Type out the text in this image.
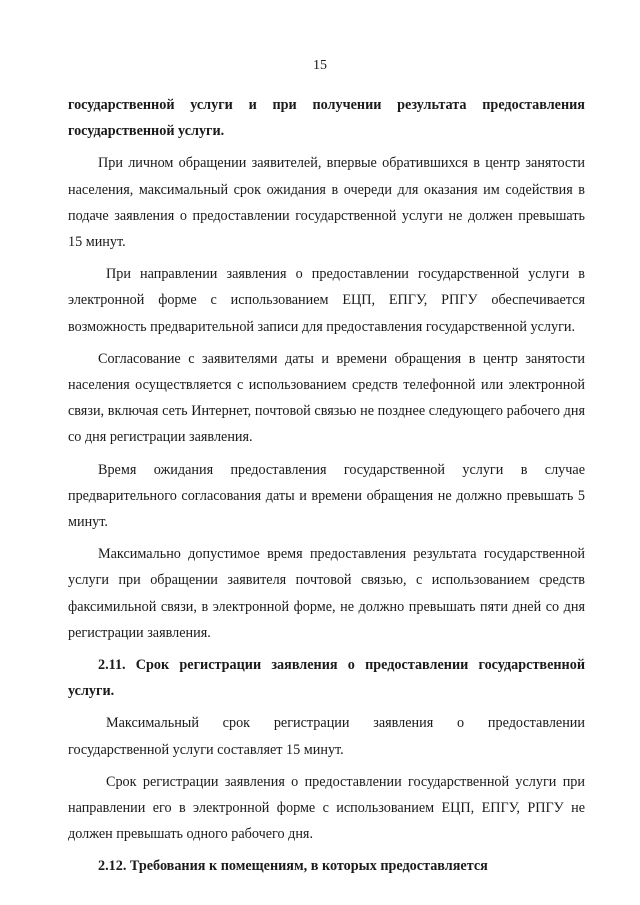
15

государственной услуги и при получении результата предоставления государственной услуги.

При личном обращении заявителей, впервые обратившихся в центр занятости населения, максимальный срок ожидания в очереди для оказания им содействия в подаче заявления о предоставлении государственной услуги не должен превышать 15 минут.

При направлении заявления о предоставлении государственной услуги в электронной форме с использованием ЕЦП, ЕПГУ, РПГУ обеспечивается возможность предварительной записи для предоставления государственной услуги.

Согласование с заявителями даты и времени обращения в центр занятости населения осуществляется с использованием средств телефонной или электронной связи, включая сеть Интернет, почтовой связью не позднее следующего рабочего дня со дня регистрации заявления.

Время ожидания предоставления государственной услуги в случае предварительного согласования даты и времени обращения не должно превышать 5 минут.

Максимально допустимое время предоставления результата государственной услуги при обращении заявителя почтовой связью, с использованием средств факсимильной связи, в электронной форме, не должно превышать пяти дней со дня регистрации заявления.

2.11. Срок регистрации заявления о предоставлении государственной услуги.

Максимальный срок регистрации заявления о предоставлении государственной услуги составляет 15 минут.

Срок регистрации заявления о предоставлении государственной услуги при направлении его в электронной форме с использованием ЕЦП, ЕПГУ, РПГУ не должен превышать одного рабочего дня.

2.12. Требования к помещениям, в которых предоставляется
